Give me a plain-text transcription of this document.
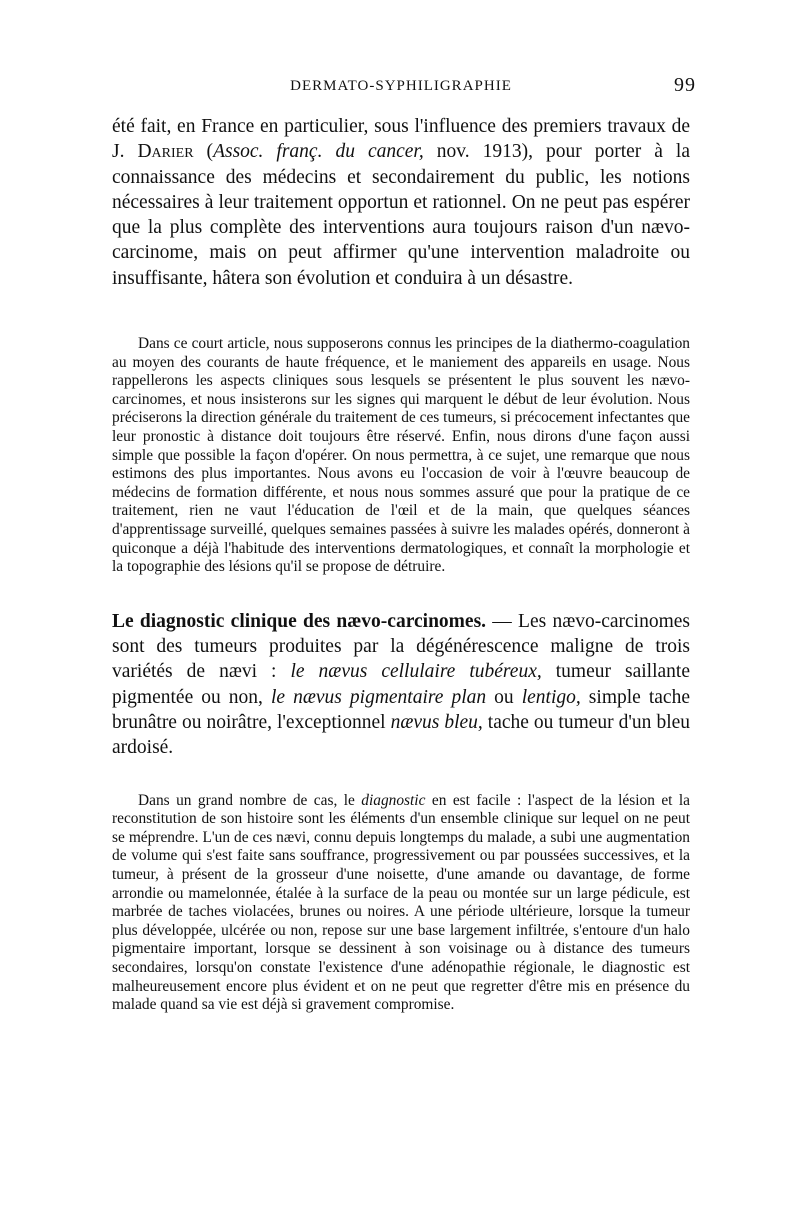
DERMATO-SYPHILIGRAPHIE	99

été fait, en France en particulier, sous l'influence des premiers travaux de J. Darier (Assoc. franç. du cancer, nov. 1913), pour porter à la connaissance des médecins et secondairement du public, les notions nécessaires à leur traitement opportun et rationnel. On ne peut pas espérer que la plus complète des interventions aura toujours raison d'un nævo-carcinome, mais on peut affirmer qu'une intervention maladroite ou insuffisante, hâtera son évolution et conduira à un désastre.

Dans ce court article, nous supposerons connus les principes de la diathermo-coagulation au moyen des courants de haute fréquence, et le maniement des appareils en usage. Nous rappellerons les aspects cliniques sous lesquels se présentent le plus souvent les nævo-carcinomes, et nous insisterons sur les signes qui marquent le début de leur évolution. Nous préciserons la direction générale du traitement de ces tumeurs, si précocement infectantes que leur pronostic à distance doit toujours être réservé. Enfin, nous dirons d'une façon aussi simple que possible la façon d'opérer. On nous permettra, à ce sujet, une remarque que nous estimons des plus importantes. Nous avons eu l'occasion de voir à l'œuvre beaucoup de médecins de formation différente, et nous nous sommes assuré que pour la pratique de ce traitement, rien ne vaut l'éducation de l'œil et de la main, que quelques séances d'apprentissage surveillé, quelques semaines passées à suivre les malades opérés, donneront à quiconque a déjà l'habitude des interventions dermatologiques, et connaît la morphologie et la topographie des lésions qu'il se propose de détruire.

Le diagnostic clinique des nævo-carcinomes. — Les nævo-carcinomes sont des tumeurs produites par la dégénérescence maligne de trois variétés de nævi : le nævus cellulaire tubéreux, tumeur saillante pigmentée ou non, le nævus pigmentaire plan ou lentigo, simple tache brunâtre ou noirâtre, l'exceptionnel nævus bleu, tache ou tumeur d'un bleu ardoisé.

Dans un grand nombre de cas, le diagnostic en est facile : l'aspect de la lésion et la reconstitution de son histoire sont les éléments d'un ensemble clinique sur lequel on ne peut se méprendre. L'un de ces nævi, connu depuis longtemps du malade, a subi une augmentation de volume qui s'est faite sans souffrance, progressivement ou par poussées successives, et la tumeur, à présent de la grosseur d'une noisette, d'une amande ou davantage, de forme arrondie ou mamelonnée, étalée à la surface de la peau ou montée sur un large pédicule, est marbrée de taches violacées, brunes ou noires. A une période ultérieure, lorsque la tumeur plus développée, ulcérée ou non, repose sur une base largement infiltrée, s'entoure d'un halo pigmentaire important, lorsque se dessinent à son voisinage ou à distance des tumeurs secondaires, lorsqu'on constate l'existence d'une adénopathie régionale, le diagnostic est malheureusement encore plus évident et on ne peut que regretter d'être mis en présence du malade quand sa vie est déjà si gravement compromise.
